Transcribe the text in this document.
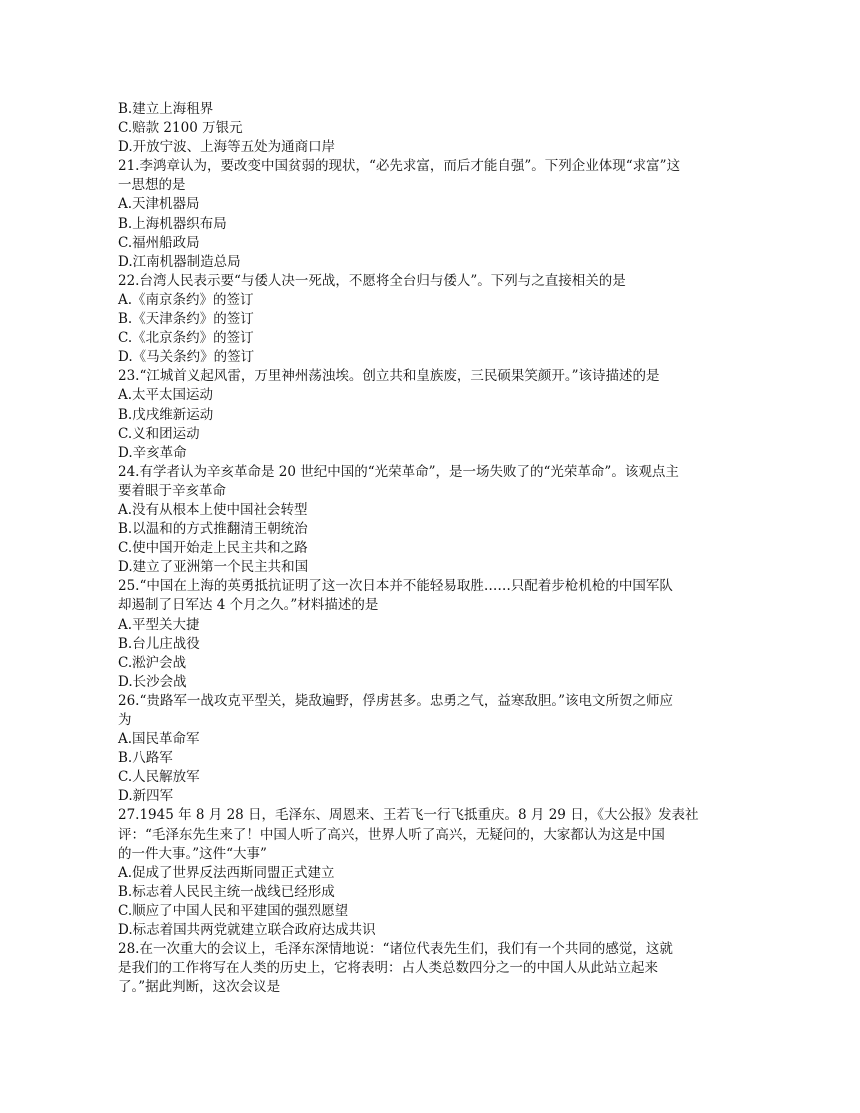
B.建立上海租界
C.赔款 2100 万银元
D.开放宁波、上海等五处为通商口岸
21.李鸿章认为，要改变中国贫弱的现状，“必先求富，而后才能自强”。下列企业体现“求富”这
一思想的是
A.天津机器局
B.上海机器织布局
C.福州船政局
D.江南机器制造总局
22.台湾人民表示要“与倭人决一死战，不愿将全台归与倭人”。下列与之直接相关的是
A.《南京条约》的签订
B.《天津条约》的签订
C.《北京条约》的签订
D.《马关条约》的签订
23.“江城首义起风雷，万里神州荡浊埃。创立共和皇族废，三民硕果笑颜开。”该诗描述的是
A.太平太国运动
B.戊戌维新运动
C.义和团运动
D.辛亥革命
24.有学者认为辛亥革命是 20 世纪中国的“光荣革命”，是一场失败了的“光荣革命”。该观点主
要着眼于辛亥革命
A.没有从根本上使中国社会转型
B.以温和的方式推翻清王朝统治
C.使中国开始走上民主共和之路
D.建立了亚洲第一个民主共和国
25.“中国在上海的英勇抵抗证明了这一次日本并不能轻易取胜……只配着步枪机枪的中国军队
却遏制了日军达 4 个月之久。”材料描述的是
A.平型关大捷
B.台儿庄战役
C.淞沪会战
D.长沙会战
26.“贵路军一战攻克平型关，毙敌遍野，俘虏甚多。忠勇之气，益寒敌胆。”该电文所贺之师应
为
A.国民革命军
B.八路军
C.人民解放军
D.新四军
27.1945 年 8 月 28 日，毛泽东、周恩来、王若飞一行飞抵重庆。8 月 29 日，《大公报》发表社
评：“毛泽东先生来了！中国人听了高兴，世界人听了高兴，无疑问的，大家都认为这是中国
的一件大事。”这件“大事”
A.促成了世界反法西斯同盟正式建立
B.标志着人民民主统一战线已经形成
C.顺应了中国人民和平建国的强烈愿望
D.标志着国共两党就建立联合政府达成共识
28.在一次重大的会议上，毛泽东深情地说：“诸位代表先生们，我们有一个共同的感觉，这就
是我们的工作将写在人类的历史上，它将表明：占人类总数四分之一的中国人从此站立起来
了。”据此判断，这次会议是
